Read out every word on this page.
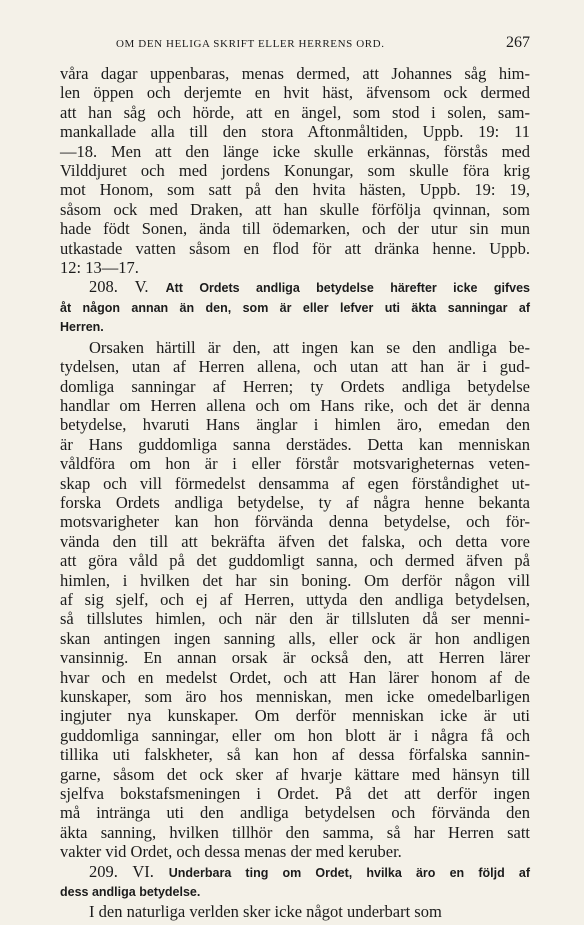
OM DEN HELIGA SKRIFT ELLER HERRENS ORD.	267
våra dagar uppenbaras, menas dermed, att Johannes såg him-
len öppen och derjemte en hvit häst, äfvensom ock dermed
att han såg och hörde, att en ängel, som stod i solen, sam-
mankallade alla till den stora Aftonmåltiden, Uppb. 19: 11
—18. Men att den länge icke skulle erkännas, förstås med
Vilddjuret och med jordens Konungar, som skulle föra krig
mot Honom, som satt på den hvita hästen, Uppb. 19: 19,
såsom ock med Draken, att han skulle förfölja qvinnan, som
hade födt Sonen, ända till ödemarken, och der utur sin mun
utkastade vatten såsom en flod för att dränka henne. Uppb.
12: 13—17.
208. V. Att Ordets andliga betydelse härefter icke gifves
åt någon annan än den, som är eller lefver uti äkta sanningar af
Herren.
Orsaken härtill är den, att ingen kan se den andliga be-
tydelsen, utan af Herren allena, och utan att han är i gud-
domliga sanningar af Herren; ty Ordets andliga betydelse
handlar om Herren allena och om Hans rike, och det är denna
betydelse, hvaruti Hans änglar i himlen äro, emedan den
är Hans guddomliga sanna derstädes. Detta kan menniskan
våldföra om hon är i eller förstår motsvarigheternas veten-
skap och vill förmedelst densamma af egen förståndighet ut-
forska Ordets andliga betydelse, ty af några henne bekanta
motsvarigheter kan hon förvända denna betydelse, och för-
vända den till att bekräfta äfven det falska, och detta vore
att göra våld på det guddomligt sanna, och dermed äfven på
himlen, i hvilken det har sin boning. Om derför någon vill
af sig sjelf, och ej af Herren, uttyda den andliga betydelsen,
så tillslutes himlen, och när den är tillsluten då ser menni-
skan antingen ingen sanning alls, eller ock är hon andligen
vansinnig. En annan orsak är också den, att Herren lärer
hvar och en medelst Ordet, och att Han lärer honom af de
kunskaper, som äro hos menniskan, men icke omedelbarligen
ingjuter nya kunskaper. Om derför menniskan icke är uti
guddomliga sanningar, eller om hon blott är i några få och
tillika uti falskheter, så kan hon af dessa förfalska sannin-
garne, såsom det ock sker af hvarje kättare med hänsyn till
sjelfva bokstafsmeningen i Ordet. På det att derför ingen
må intränga uti den andliga betydelsen och förvända den
äkta sanning, hvilken tillhör den samma, så har Herren satt
vakter vid Ordet, och dessa menas der med keruber.
209. VI. Underbara ting om Ordet, hvilka äro en följd af
dess andliga betydelse.
I den naturliga verlden sker icke något underbart som
